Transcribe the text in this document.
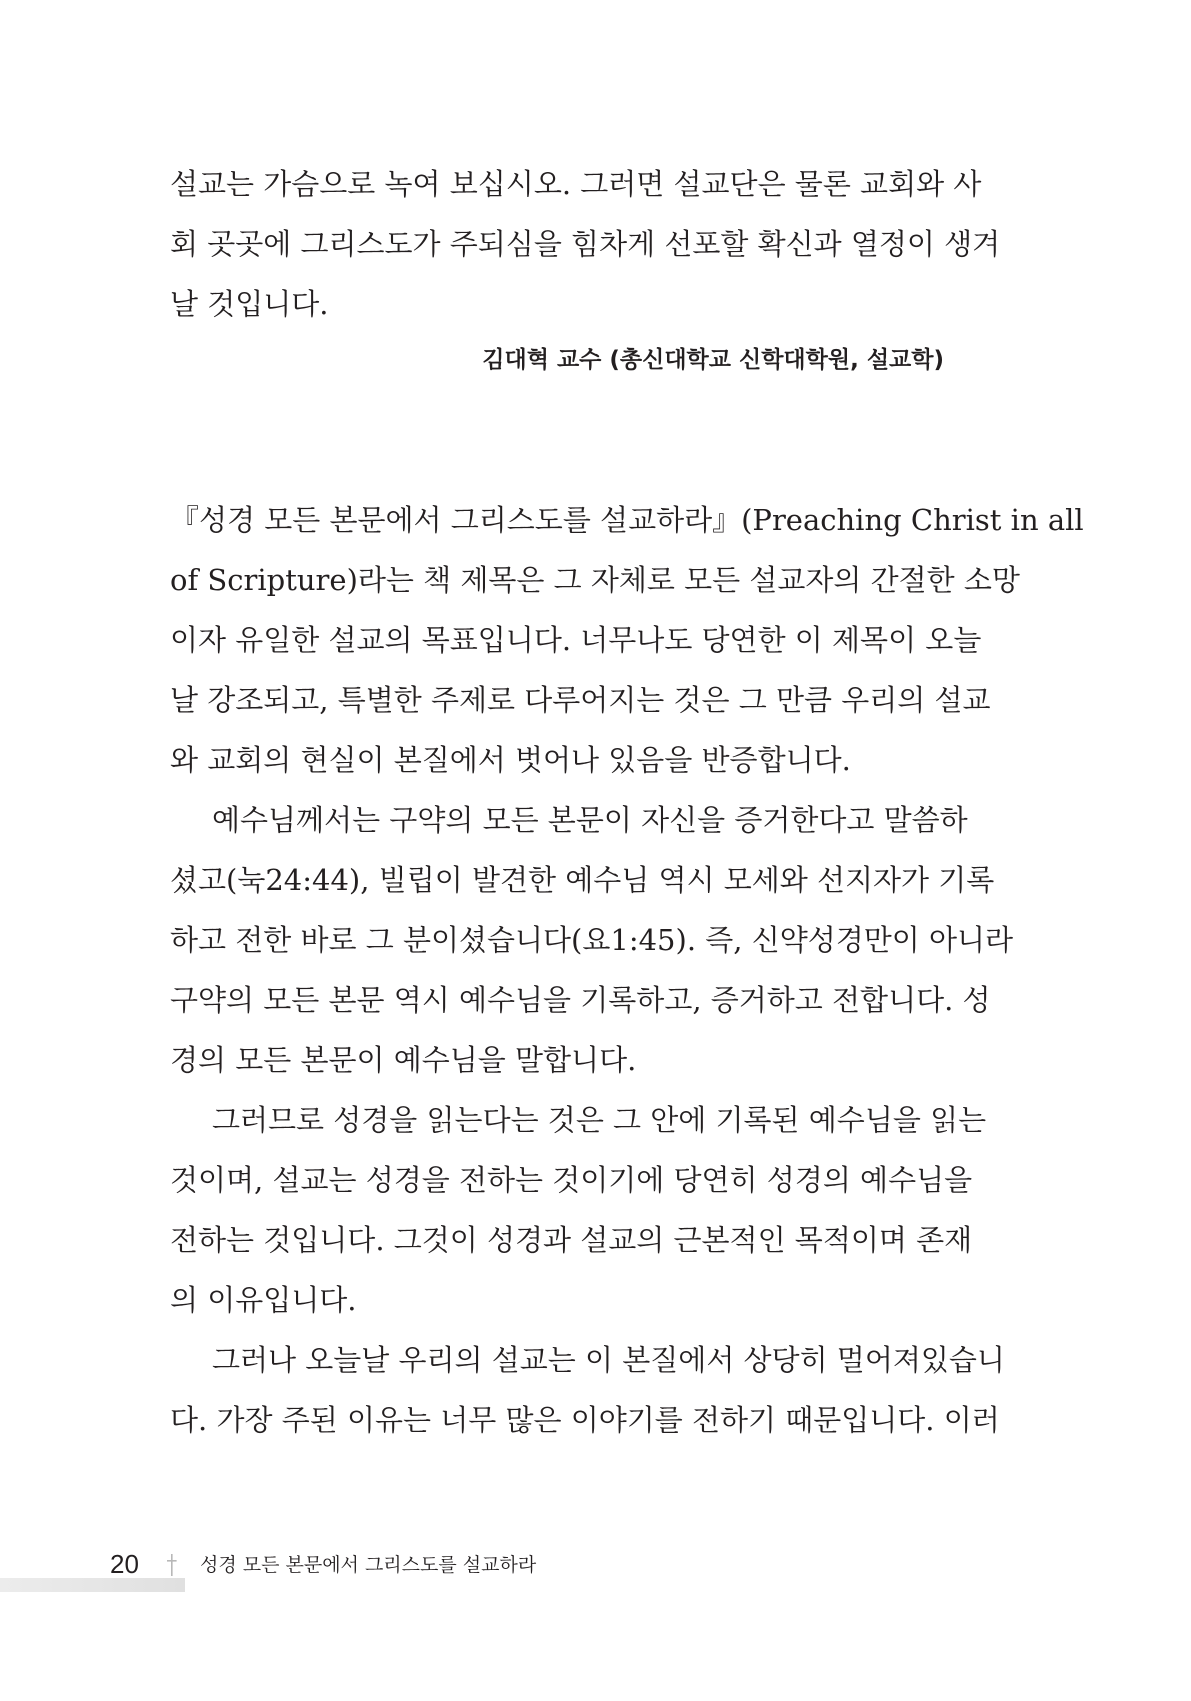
설교는 가슴으로 녹여 보십시오. 그러면 설교단은 물론 교회와 사
회 곳곳에 그리스도가 주되심을 힘차게 선포할 확신과 열정이 생겨
날 것입니다.
김대혁 교수 (총신대학교 신학대학원, 설교학)
『성경 모든 본문에서 그리스도를 설교하라』(Preaching Christ in all
of Scripture)라는 책 제목은 그 자체로 모든 설교자의 간절한 소망
이자 유일한 설교의 목표입니다. 너무나도 당연한 이 제목이 오늘
날 강조되고, 특별한 주제로 다루어지는 것은 그 만큼 우리의 설교
와 교회의 현실이 본질에서 벗어나 있음을 반증합니다.
예수님께서는 구약의 모든 본문이 자신을 증거한다고 말씀하
셨고(눅24:44), 빌립이 발견한 예수님 역시 모세와 선지자가 기록
하고 전한 바로 그 분이셨습니다(요1:45). 즉, 신약성경만이 아니라
구약의 모든 본문 역시 예수님을 기록하고, 증거하고 전합니다. 성
경의 모든 본문이 예수님을 말합니다.
그러므로 성경을 읽는다는 것은 그 안에 기록된 예수님을 읽는
것이며, 설교는 성경을 전하는 것이기에 당연히 성경의 예수님을
전하는 것입니다. 그것이 성경과 설교의 근본적인 목적이며 존재
의 이유입니다.
그러나 오늘날 우리의 설교는 이 본질에서 상당히 멀어져있습니
다. 가장 주된 이유는 너무 많은 이야기를 전하기 때문입니다. 이러
20	성경 모든 본문에서 그리스도를 설교하라
